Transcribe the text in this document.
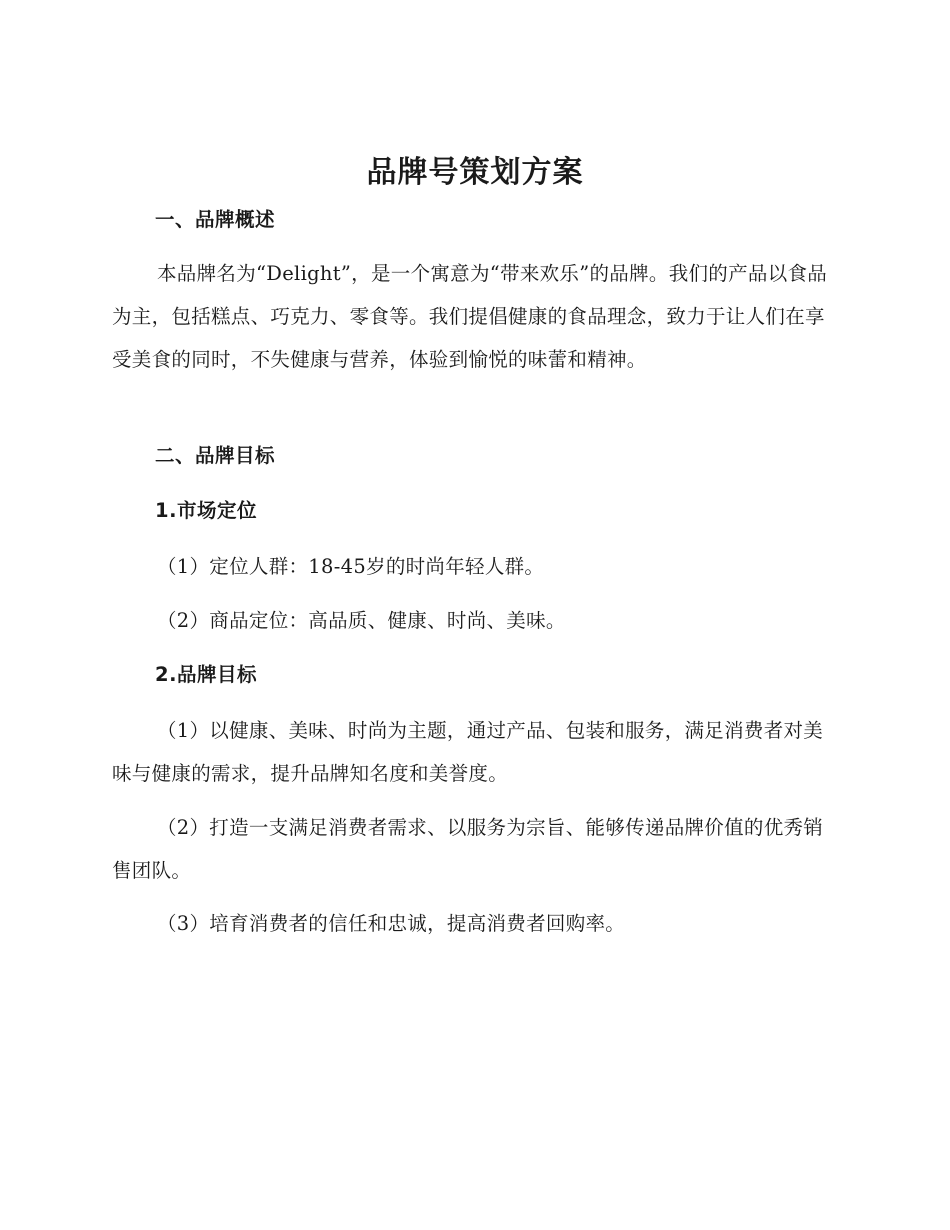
品牌号策划方案
一、品牌概述

本品牌名为“Delight”，是一个寓意为“带来欢乐”的品牌。我们的产品以食品为主，包括糕点、巧克力、零食等。我们提倡健康的食品理念，致力于让人们在享受美食的同时，不失健康与营养，体验到愉悦的味蕾和精神。

二、品牌目标
1.市场定位

（1）定位人群：18-45岁的时尚年轻人群。

（2）商品定位：高品质、健康、时尚、美味。

2.品牌目标

（1）以健康、美味、时尚为主题，通过产品、包装和服务，满足消费者对美味与健康的需求，提升品牌知名度和美誉度。

（2）打造一支满足消费者需求、以服务为宗旨、能够传递品牌价值的优秀销售团队。

（3）培育消费者的信任和忠诚，提高消费者回购率。
